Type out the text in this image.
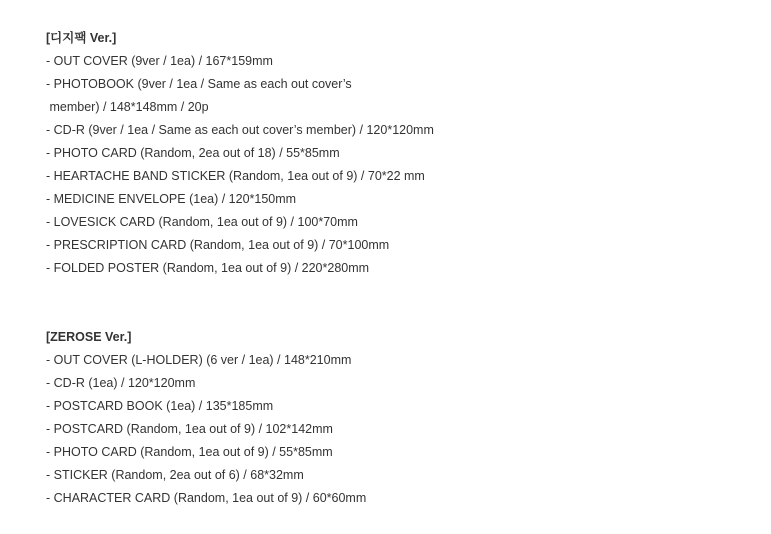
[디지팩 Ver.]
- OUT COVER (9ver / 1ea) / 167*159mm
- PHOTOBOOK (9ver / 1ea / Same as each out cover’s
member) / 148*148mm / 20p
- CD-R (9ver / 1ea / Same as each out cover’s member) / 120*120mm
- PHOTO CARD (Random, 2ea out of 18) / 55*85mm
- HEARTACHE BAND STICKER (Random, 1ea out of 9) / 70*22 mm
- MEDICINE ENVELOPE (1ea) / 120*150mm
- LOVESICK CARD (Random, 1ea out of 9) / 100*70mm
- PRESCRIPTION CARD (Random, 1ea out of 9) / 70*100mm
- FOLDED POSTER (Random, 1ea out of 9) / 220*280mm
[ZEROSE Ver.]
- OUT COVER (L-HOLDER) (6 ver / 1ea) / 148*210mm
- CD-R (1ea) / 120*120mm
- POSTCARD BOOK (1ea) / 135*185mm
- POSTCARD (Random, 1ea out of 9) / 102*142mm
- PHOTO CARD (Random, 1ea out of 9) / 55*85mm
- STICKER (Random, 2ea out of 6) / 68*32mm
- CHARACTER CARD (Random, 1ea out of 9) / 60*60mm
